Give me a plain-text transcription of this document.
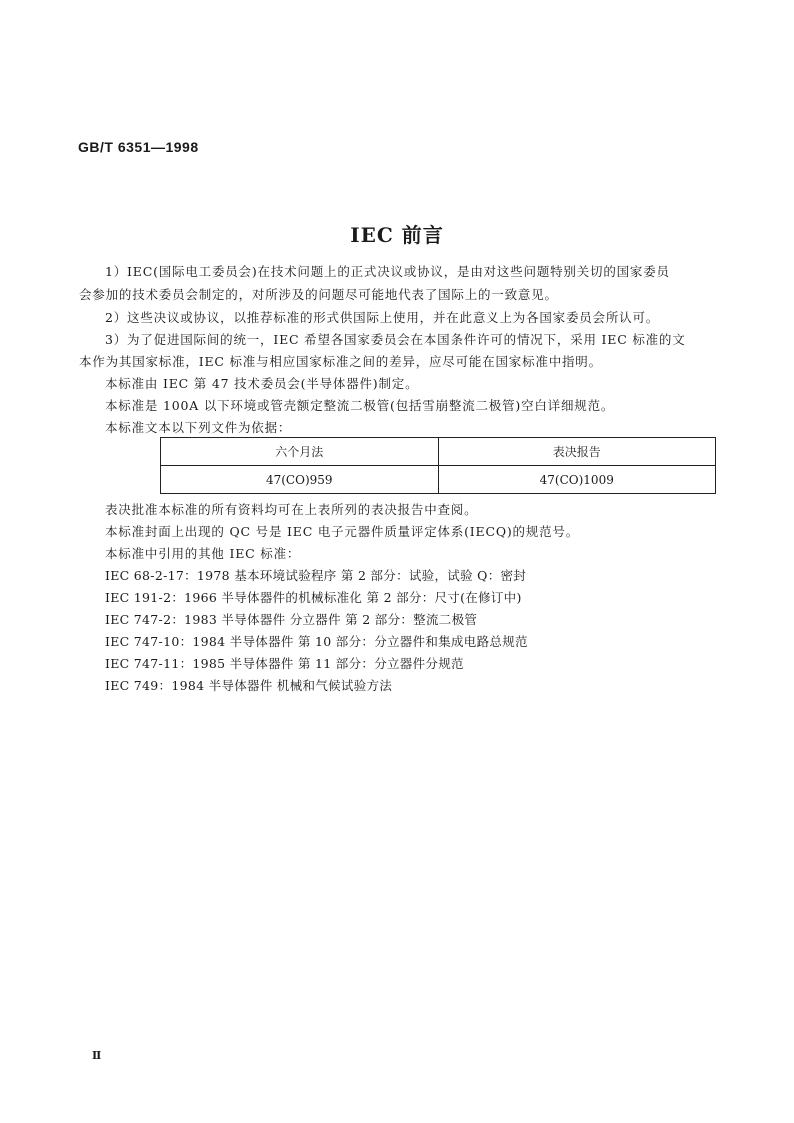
GB/T 6351—1998
IEC 前言
1）IEC(国际电工委员会)在技术问题上的正式决议或协议，是由对这些问题特别关切的国家委员
会参加的技术委员会制定的，对所涉及的问题尽可能地代表了国际上的一致意见。
2）这些决议或协议，以推荐标准的形式供国际上使用，并在此意义上为各国家委员会所认可。
3）为了促进国际间的统一，IEC 希望各国家委员会在本国条件许可的情况下，采用 IEC 标准的文
本作为其国家标准，IEC 标准与相应国家标准之间的差异，应尽可能在国家标准中指明。
本标准由 IEC 第 47 技术委员会(半导体器件)制定。
本标准是 100A 以下环境或管壳额定整流二极管(包括雪崩整流二极管)空白详细规范。
本标准文本以下列文件为依据：
六个月法	表决报告
47(CO)959	47(CO)1009
表决批准本标准的所有资料均可在上表所列的表决报告中查阅。
本标准封面上出现的 QC 号是 IEC 电子元器件质量评定体系(IECQ)的规范号。
本标准中引用的其他 IEC 标准：
IEC 68-2-17：1978 基本环境试验程序 第 2 部分：试验，试验 Q：密封
IEC 191-2：1966 半导体器件的机械标准化 第 2 部分：尺寸(在修订中)
IEC 747-2：1983 半导体器件 分立器件 第 2 部分：整流二极管
IEC 747-10：1984 半导体器件 第 10 部分：分立器件和集成电路总规范
IEC 747-11：1985 半导体器件 第 11 部分：分立器件分规范
IEC 749：1984 半导体器件 机械和气候试验方法
Ⅱ
